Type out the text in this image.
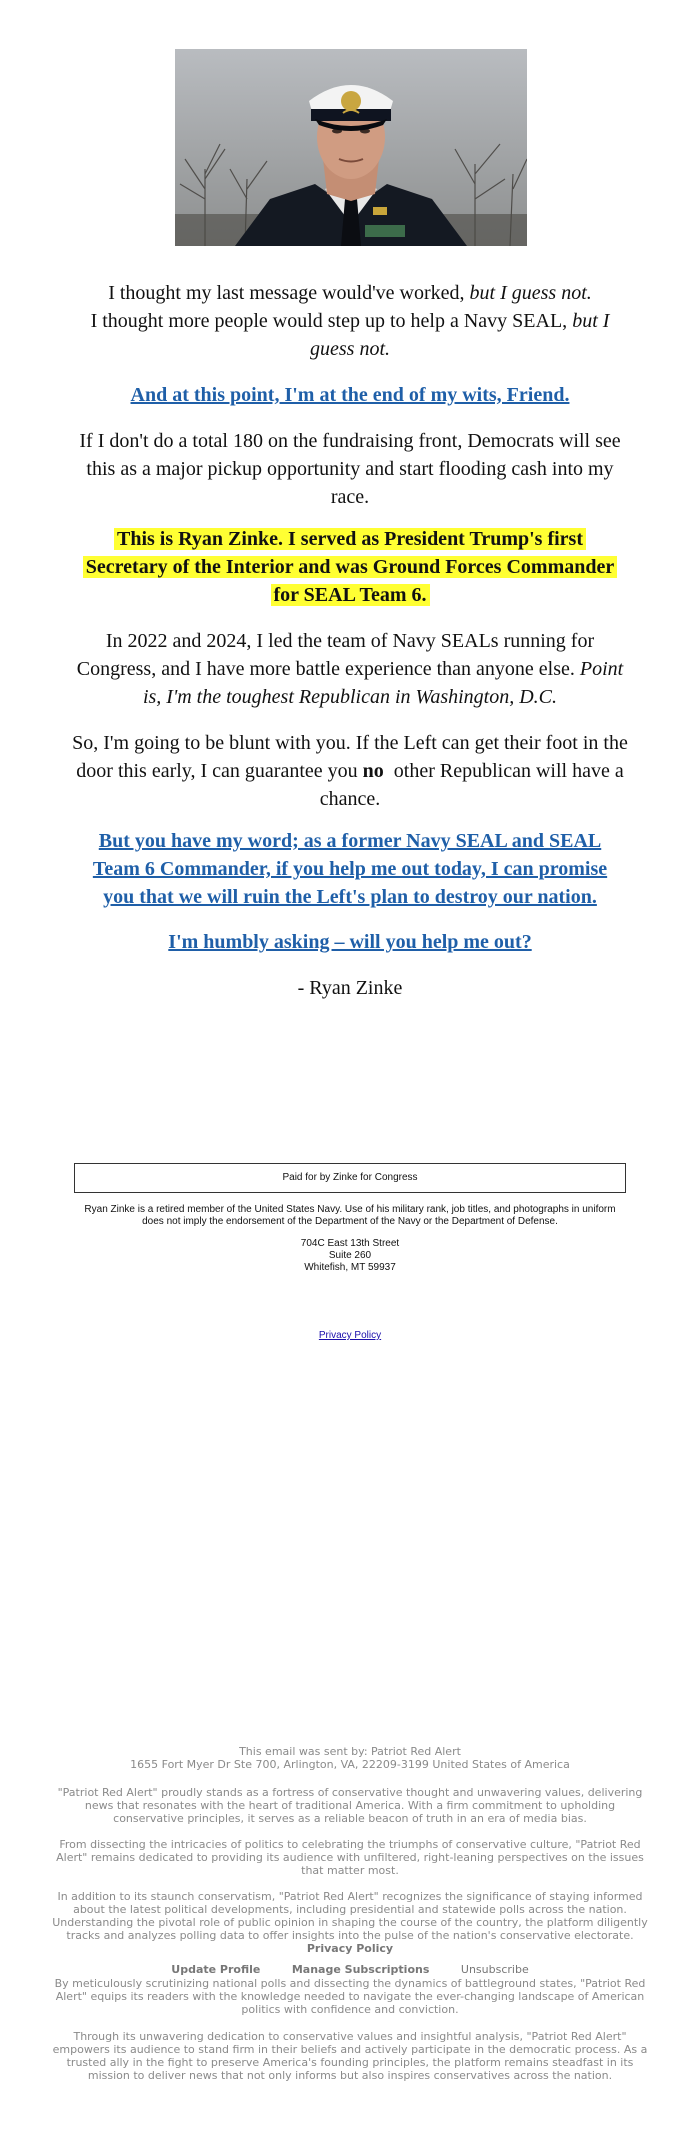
I thought my last message would've worked, but I guess not.
I thought more people would step up to help a Navy SEAL, but I guess not.
And at this point, I'm at the end of my wits, Friend.
If I don't do a total 180 on the fundraising front, Democrats will see this as a major pickup opportunity and start flooding cash into my race.
This is Ryan Zinke. I served as President Trump's first Secretary of the Interior and was Ground Forces Commander for SEAL Team 6.
In 2022 and 2024, I led the team of Navy SEALs running for Congress, and I have more battle experience than anyone else. Point is, I'm the toughest Republican in Washington, D.C.
So, I'm going to be blunt with you. If the Left can get their foot in the door this early, I can guarantee you no other Republican will have a chance.
But you have my word; as a former Navy SEAL and SEAL Team 6 Commander, if you help me out today, I can promise you that we will ruin the Left's plan to destroy our nation.
I'm humbly asking – will you help me out?
- Ryan Zinke
Paid for by Zinke for Congress
Ryan Zinke is a retired member of the United States Navy. Use of his military rank, job titles, and photographs in uniform does not imply the endorsement of the Department of the Navy or the Department of Defense.
704C East 13th Street
Suite 260
Whitefish, MT 59937
Privacy Policy
This email was sent by: Patriot Red Alert
1655 Fort Myer Dr Ste 700, Arlington, VA, 22209-3199 United States of America
"Patriot Red Alert" proudly stands as a fortress of conservative thought and unwavering values, delivering news that resonates with the heart of traditional America. With a firm commitment to upholding conservative principles, it serves as a reliable beacon of truth in an era of media bias.
From dissecting the intricacies of politics to celebrating the triumphs of conservative culture, "Patriot Red Alert" remains dedicated to providing its audience with unfiltered, right-leaning perspectives on the issues that matter most.
In addition to its staunch conservatism, "Patriot Red Alert" recognizes the significance of staying informed about the latest political developments, including presidential and statewide polls across the nation. Understanding the pivotal role of public opinion in shaping the course of the country, the platform diligently tracks and analyzes polling data to offer insights into the pulse of the nation's conservative electorate.
Privacy Policy
Update Profile	Manage Subscriptions	Unsubscribe
By meticulously scrutinizing national polls and dissecting the dynamics of battleground states, "Patriot Red Alert" equips its readers with the knowledge needed to navigate the ever-changing landscape of American politics with confidence and conviction.
Through its unwavering dedication to conservative values and insightful analysis, "Patriot Red Alert" empowers its audience to stand firm in their beliefs and actively participate in the democratic process. As a trusted ally in the fight to preserve America's founding principles, the platform remains steadfast in its mission to deliver news that not only informs but also inspires conservatives across the nation.
